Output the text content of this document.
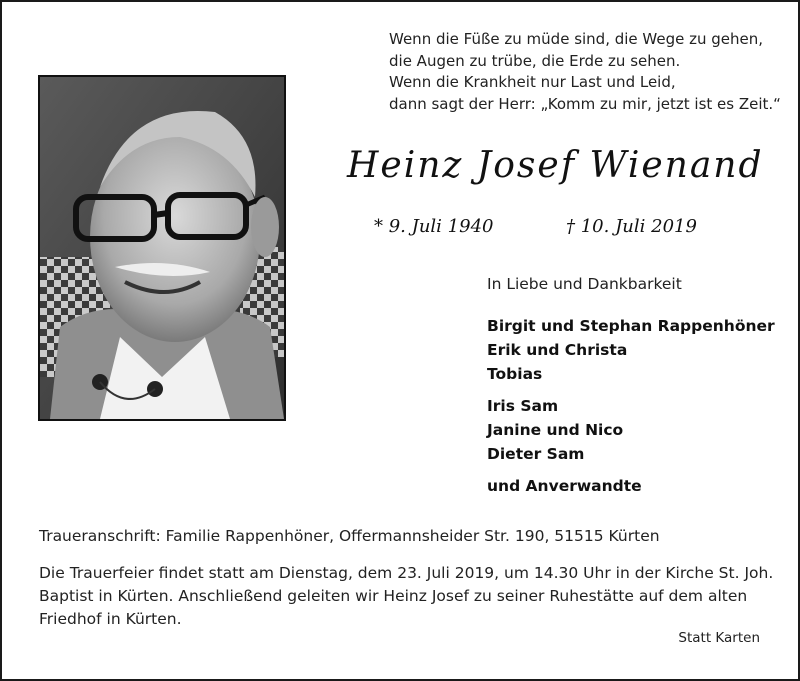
Wenn die Füße zu müde sind, die Wege zu gehen,
die Augen zu trübe, die Erde zu sehen.
Wenn die Krankheit nur Last und Leid,
dann sagt der Herr: „Komm zu mir, jetzt ist es Zeit.“
Heinz Josef Wienand
* 9. Juli 1940	† 10. Juli 2019
In Liebe und Dankbarkeit
Birgit und Stephan Rappenhöner
Erik und Christa
Tobias
Iris Sam
Janine und Nico
Dieter Sam
und Anverwandte
Traueranschrift: Familie Rappenhöner, Offermannsheider Str. 190, 51515 Kürten
Die Trauerfeier findet statt am Dienstag, dem 23. Juli 2019, um 14.30 Uhr in der Kirche St. Joh. Baptist in Kürten. Anschließend geleiten wir Heinz Josef zu seiner Ruhestätte auf dem alten Friedhof in Kürten.
Statt Karten
